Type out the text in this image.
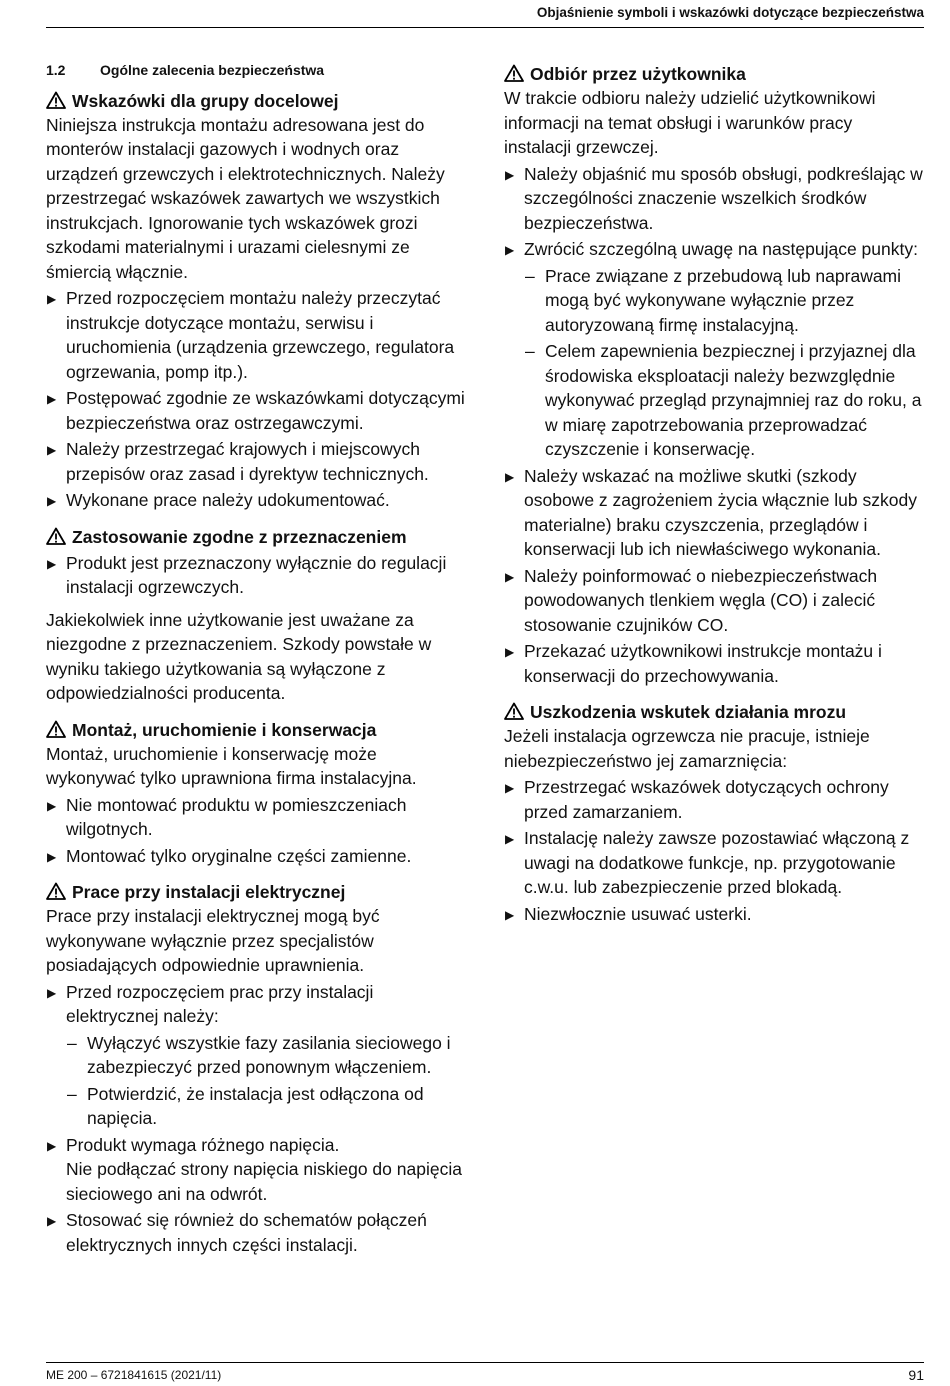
Objaśnienie symboli i wskazówki dotyczące bezpieczeństwa
1.2 Ogólne zalecenia bezpieczeństwa
Wskazówki dla grupy docelowej

Niniejsza instrukcja montażu adresowana jest do monterów instalacji gazowych i wodnych oraz urządzeń grzewczych i elektrotechnicznych. Należy przestrzegać wskazówek zawartych we wszystkich instrukcjach. Ignorowanie tych wskazówek grozi szkodami materialnymi i urazami cielesnymi ze śmiercią włącznie.

▶ Przed rozpoczęciem montażu należy przeczytać instrukcje dotyczące montażu, serwisu i uruchomienia (urządzenia grzewczego, regulatora ogrzewania, pomp itp.).
▶ Postępować zgodnie ze wskazówkami dotyczącymi bezpieczeństwa oraz ostrzegawczymi.
▶ Należy przestrzegać krajowych i miejscowych przepisów oraz zasad i dyrektyw technicznych.
▶ Wykonane prace należy udokumentować.
Zastosowanie zgodne z przeznaczeniem
▶ Produkt jest przeznaczony wyłącznie do regulacji instalacji ogrzewczych.

Jakiekolwiek inne użytkowanie jest uważane za niezgodne z przeznaczeniem. Szkody powstałe w wyniku takiego użytkowania są wyłączone z odpowiedzialności producenta.

Montaż, uruchomienie i konserwacja

Montaż, uruchomienie i konserwację może wykonywać tylko uprawniona firma instalacyjna.

▶ Nie montować produktu w pomieszczeniach wilgotnych.
▶ Montować tylko oryginalne części zamienne.
Prace przy instalacji elektrycznej

Prace przy instalacji elektrycznej mogą być wykonywane wyłącznie przez specjalistów posiadających odpowiednie uprawnienia.

▶ Przed rozpoczęciem prac przy instalacji elektrycznej należy:
– Wyłączyć wszystkie fazy zasilania sieciowego i zabezpieczyć przed ponownym włączeniem.
– Potwierdzić, że instalacja jest odłączona od napięcia.
▶ Produkt wymaga różnego napięcia.
Nie podłączać strony napięcia niskiego do napięcia sieciowego ani na odwrót.
▶ Stosować się również do schematów połączeń elektrycznych innych części instalacji.
Odbiór przez użytkownika

W trakcie odbioru należy udzielić użytkownikowi informacji na temat obsługi i warunków pracy instalacji grzewczej.

▶ Należy objaśnić mu sposób obsługi, podkreślając w szczególności znaczenie wszelkich środków bezpieczeństwa.
▶ Zwrócić szczególną uwagę na następujące punkty:
– Prace związane z przebudową lub naprawami mogą być wykonywane wyłącznie przez autoryzowaną firmę instalacyjną.
– Celem zapewnienia bezpiecznej i przyjaznej dla środowiska eksploatacji należy bezwzględnie wykonywać przegląd przynajmniej raz do roku, a w miarę zapotrzebowania przeprowadzać czyszczenie i konserwację.
▶ Należy wskazać na możliwe skutki (szkody osobowe z zagrożeniem życia włącznie lub szkody materialne) braku czyszczenia, przeglądów i konserwacji lub ich niewłaściwego wykonania.
▶ Należy poinformować o niebezpieczeństwach powodowanych tlenkiem węgla (CO) i zalecić stosowanie czujników CO.
▶ Przekazać użytkownikowi instrukcje montażu i konserwacji do przechowywania.
Uszkodzenia wskutek działania mrozu

Jeżeli instalacja ogrzewcza nie pracuje, istnieje niebezpieczeństwo jej zamarznięcia:

▶ Przestrzegać wskazówek dotyczących ochrony przed zamarzaniem.
▶ Instalację należy zawsze pozostawiać włączoną z uwagi na dodatkowe funkcje, np. przygotowanie c.w.u. lub zabezpieczenie przed blokadą.
▶ Niezwłocznie usuwać usterki.
ME 200 – 6721841615 (2021/11)	91
